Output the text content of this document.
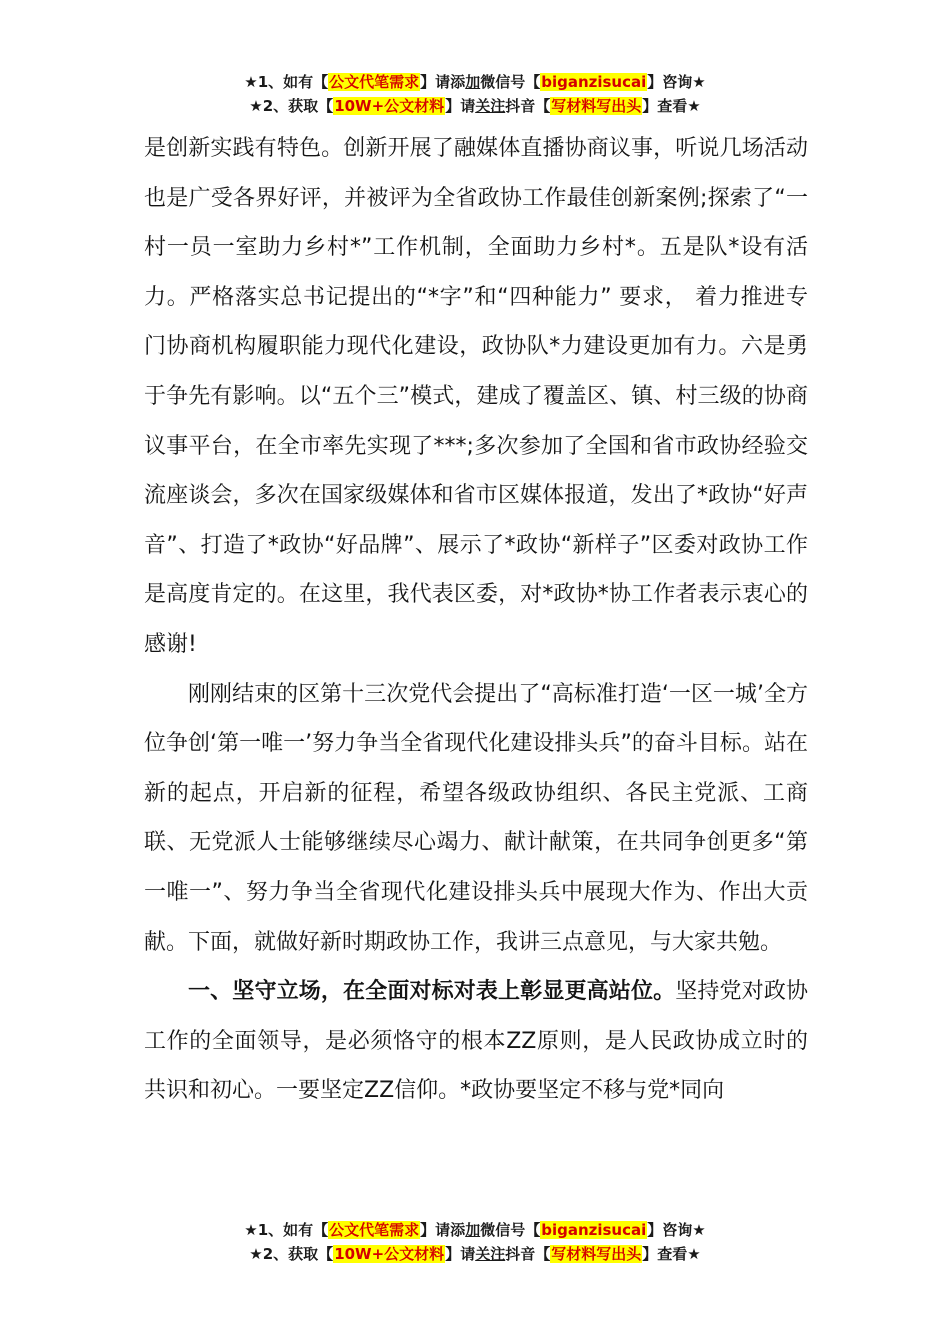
★1、如有【公文代笔需求】请添加微信号【biganzisucai】咨询★
★2、获取【10W+公文材料】请关注抖音【写材料写出头】查看★

是创新实践有特色。创新开展了融媒体直播协商议事，听说几场活动也是广受各界好评，并被评为全省政协工作最佳创新案例;探索了“一村一员一室助力乡村*”工作机制，全面助力乡村*。五是队*设有活力。严格落实总书记提出的“*字”和“四种能力” 要求， 着力推进专门协商机构履职能力现代化建设，政协队*力建设更加有力。六是勇于争先有影响。以“五个三”模式，建成了覆盖区、镇、村三级的协商议事平台，在全市率先实现了***;多次参加了全国和省市政协经验交流座谈会，多次在国家级媒体和省市区媒体报道，发出了*政协“好声音”、打造了*政协“好品牌”、展示了*政协“新样子”区委对政协工作是高度肯定的。在这里，我代表区委，对*政协*协工作者表示衷心的感谢!

刚刚结束的区第十三次党代会提出了“高标准打造‘一区一城’全方位争创‘第一唯一’努力争当全省现代化建设排头兵”的奋斗目标。站在新的起点，开启新的征程，希望各级政协组织、各民主党派、工商联、无党派人士能够继续尽心竭力、献计献策，在共同争创更多“第一唯一”、努力争当全省现代化建设排头兵中展现大作为、作出大贡献。下面，就做好新时期政协工作，我讲三点意见，与大家共勉。

一、坚守立场，在全面对标对表上彰显更高站位。坚持党对政协工作的全面领导，是必须恪守的根本ZZ原则，是人民政协成立时的共识和初心。一要坚定ZZ信仰。*政协要坚定不移与党*同向

★1、如有【公文代笔需求】请添加微信号【biganzisucai】咨询★
★2、获取【10W+公文材料】请关注抖音【写材料写出头】查看★
